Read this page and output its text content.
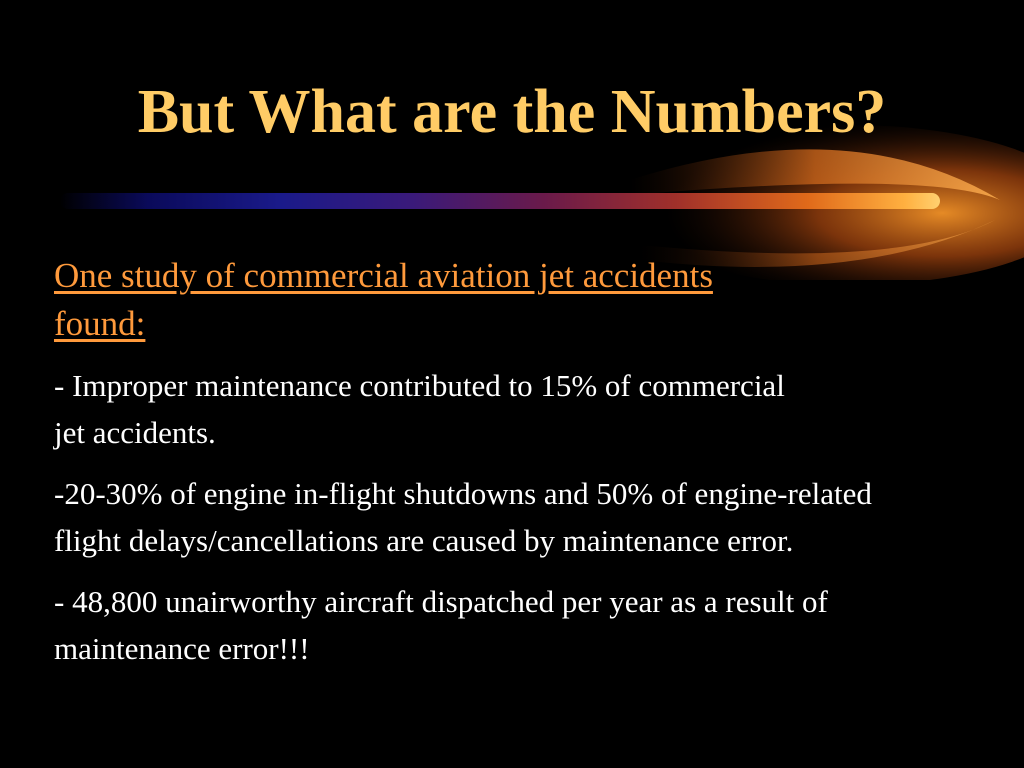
But What are the Numbers?

One study of commercial aviation jet accidents found:

- Improper maintenance contributed to 15% of commercial jet accidents.

-20-30% of engine in-flight shutdowns and 50% of engine-related flight delays/cancellations are caused by maintenance error.

- 48,800 unairworthy aircraft dispatched per year as a result of maintenance error!!!
